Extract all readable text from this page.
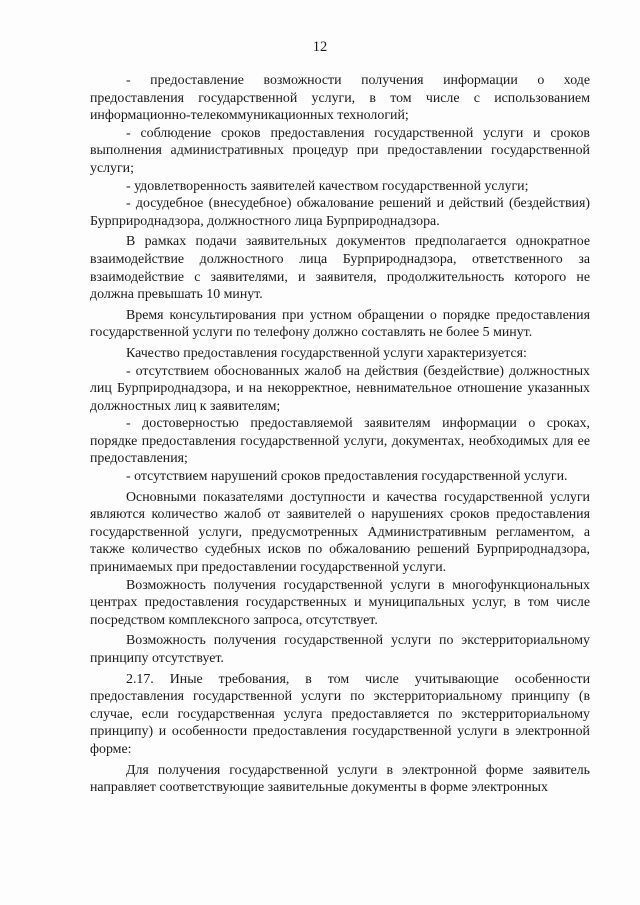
12

- предоставление возможности получения информации о ходе предоставления государственной услуги, в том числе с использованием информационно-телекоммуникационных технологий;

- соблюдение сроков предоставления государственной услуги и сроков выполнения административных процедур при предоставлении государственной услуги;

- удовлетворенность заявителей качеством государственной услуги;

- досудебное (внесудебное) обжалование решений и действий (бездействия) Бурприроднадзора, должностного лица Бурприроднадзора.

В рамках подачи заявительных документов предполагается однократное взаимодействие должностного лица Бурприроднадзора, ответственного за взаимодействие с заявителями, и заявителя, продолжительность которого не должна превышать 10 минут.

Время консультирования при устном обращении о порядке предоставления государственной услуги по телефону должно составлять не более 5 минут.

Качество предоставления государственной услуги характеризуется:

- отсутствием обоснованных жалоб на действия (бездействие) должностных лиц Бурприроднадзора, и на некорректное, невнимательное отношение указанных должностных лиц к заявителям;

- достоверностью предоставляемой заявителям информации о сроках, порядке предоставления государственной услуги, документах, необходимых для ее предоставления;

- отсутствием нарушений сроков предоставления государственной услуги.

Основными показателями доступности и качества государственной услуги являются количество жалоб от заявителей о нарушениях сроков предоставления государственной услуги, предусмотренных Административным регламентом, а также количество судебных исков по обжалованию решений Бурприроднадзора, принимаемых при предоставлении государственной услуги.

Возможность получения государственной услуги в многофункциональных центрах предоставления государственных и муниципальных услуг, в том числе посредством комплексного запроса, отсутствует.

Возможность получения государственной услуги по экстерриториальному принципу отсутствует.

2.17. Иные требования, в том числе учитывающие особенности предоставления государственной услуги по экстерриториальному принципу (в случае, если государственная услуга предоставляется по экстерриториальному принципу) и особенности предоставления государственной услуги в электронной форме:

Для получения государственной услуги в электронной форме заявитель направляет соответствующие заявительные документы в форме электронных
